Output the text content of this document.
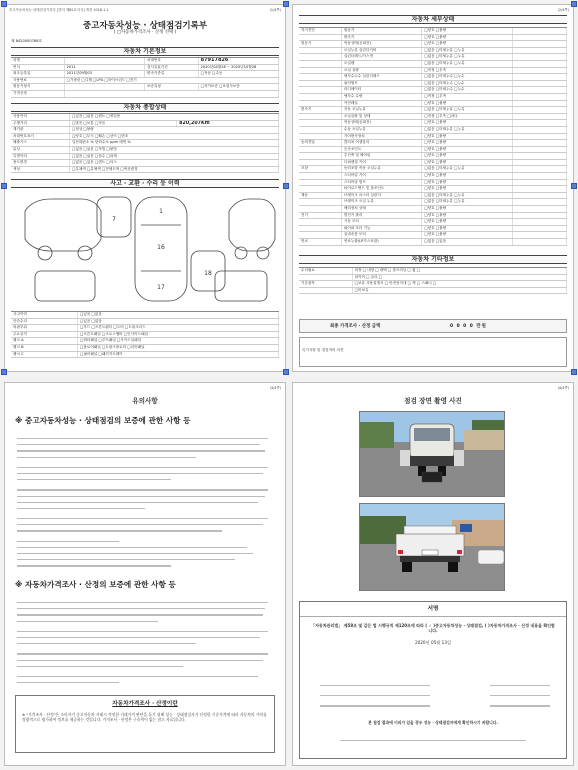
중고자동차성능·상태점검기록부 [별지 제82호서식] 개정 2018.1.1	(1/4쪽)
중고자동차성능 · 상태점검기록부
( □자동차가격조사 · 산정 선택 )
제 8420000768호
자동차 기본정보
차명	차대번호	87917826
연식	2011	검사유효기간	2020년04월28 ~ 2020년10월28
최초등록일	2011년09월03	변속기종류	□자동 □수동
사용연료	□가솔린 □디젤 □LPG □하이브리드 □전기
원동기형식	보증유형	□자가보증 □보험사보증
가격산정
자동차 종합상태
사용이력	□있음 □없음 □렌트 □영업용
주행거리	□많음 □보통 □적음	820,207Km
계기판	□정상 □불량
차대번호표기	□양호 □부식 □훼손 □상이 □변조
배출가스	일산화탄소 % 탄화수소 ppm 매연 %
튜닝	□없음 □있음 □적법 □불법
특별이력	□없음 □있음 □침수 □화재
용도변경	□없음 □있음 □렌트 □리스
색상	□무채색 □유채색 □전체도색 □색상변경
사고 · 교환 · 수리 등 이력
1
16
17
7
18
사고이력	□있음 □없음
단순수리	□있음 □없음
외판부위	□후드 □프론트펜더 □도어 □트렁크리드
주요골격	□프론트패널 □크로스멤버 □인사이드패널
랭크 A	□쿼터패널 □루프패널 □사이드실패널
랭크 B	□플로어패널 □트렁크플로어 □리어패널
랭크 C	□필러패널 □패키지트레이
(2/4쪽)
자동차 세부상태
자기진단	원동기	□양호 □불량
변속기	□양호 □불량
원동기	작동상태(공회전)	□양호 □불량
오일누유 실린더커버	□없음 □미세누유 □누유
실린더헤드/가스켓	□없음 □미세누유 □누유
오일팬	□없음 □미세누유 □누유
오일 유량	□적정 □부족
냉각수누수 실린더헤드	□없음 □미세누수 □누수
워터펌프	□없음 □미세누수 □누수
라디에이터	□없음 □미세누수 □누수
냉각수 수량	□적정 □부족
커먼레일	□양호 □불량
변속기	자동 오일누유	□없음 □미세누유 □누유
오일유량 및 상태	□적정 □부족 □과다
작동상태(공회전)	□양호 □불량
수동 오일누유	□없음 □미세누유 □누유
기어변속장치	□양호 □불량
동력전달	클러치 어셈블리	□양호 □불량
등속조인트	□양호 □불량
추진축 및 베어링	□양호 □불량
디퍼렌셜 기어	□양호 □불량
조향	동력조향 작동 오일누유	□없음 □미세누유 □누유
스티어링 기어	□양호 □불량
스티어링 펌프	□양호 □불량
타이로드엔드 및 볼조인트	□양호 □불량
제동	브레이크 마스터 실린더	□없음 □미세누유 □누유
브레이크 오일 누유	□없음 □미세누유 □누유
배력장치 상태	□양호 □불량
전기	발전기 출력	□양호 □불량
시동 모터	□양호 □불량
와이퍼 모터 기능	□양호 □불량
실내송풍 모터	□양호 □불량
연료	연료누출(LP가스포함)	□없음 □있음
자동차 기타정보
수리필요	외장 □ 내장 □ 광택 □ 룸크리닝 □ 휠 □
타이어 □ 유리 □
기본품목	□보유 사용설명서 □ 안전삼각대 □ 잭 □ 스패너 □
□미보유
최종 가격조사 · 산정 금액	0 0 0 0 만원
특기사항 및 점검자의 의견
(3/4쪽)
유의사항
※ 중고자동차성능 · 상태점검의 보증에 관한 사항 등
※ 자동차가격조사 · 산정의 보증에 관한 사항 등
자동차가격조사 · 산정이란
※ "가격조사 · 산정"은 소비자가 중고자동차 거래시 적정한 거래가격 판단을 돕기 위해 성능 · 상태점검자가 산정한 기준가격에 따라 자동차의 가치를 정량적으로 평가하여 정보를 제공하는 것입니다. 가격조사 · 산정은 구속력이 없는 참고 자료입니다.
(4/4쪽)
점검 장면 촬영 사진
서명
「자동차관리법」 제58조 및 같은 법 시행규칙 제120조에 따라 ( ✓ )중고자동차성능 · 상태점검, ( )자동차가격조사 · 산정 내용을 확인합니다.
2020년 05월 13일
본 점검 결과에 이의가 있을 경우 성능 · 상태점검자에게 확인하시기 바랍니다.
